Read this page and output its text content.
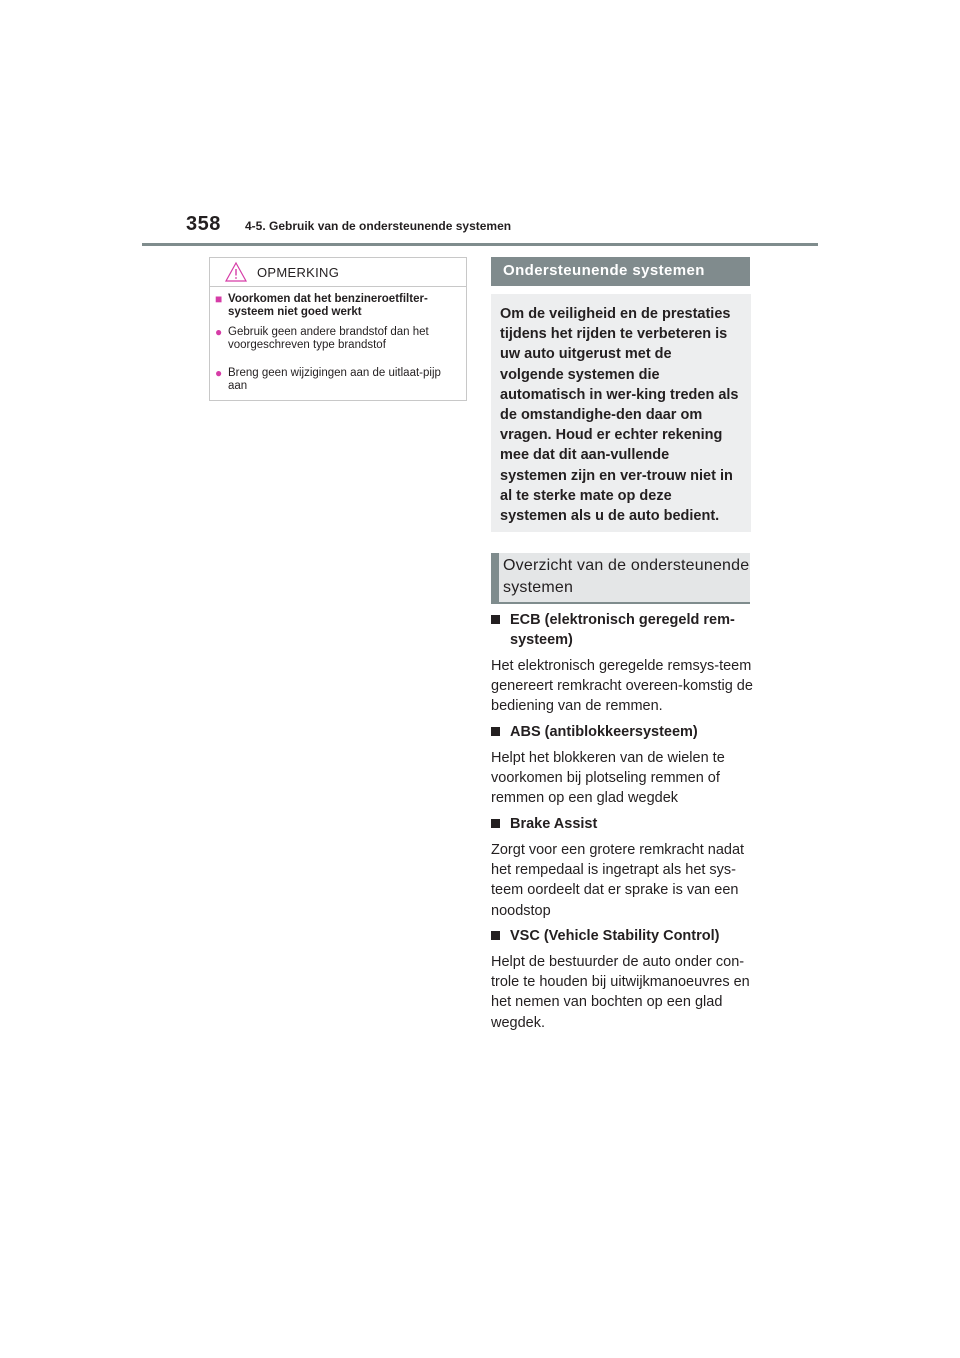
358 4-5. Gebruik van de ondersteunende systemen
OPMERKING
■ Voorkomen dat het benzineroetfilter-systeem niet goed werkt
● Gebruik geen andere brandstof dan het voorgeschreven type brandstof
● Breng geen wijzigingen aan de uitlaat-pijp aan
Ondersteunende systemen
Om de veiligheid en de prestaties tijdens het rijden te verbeteren is uw auto uitgerust met de volgende systemen die automatisch in wer-king treden als de omstandighe-den daar om vragen. Houd er echter rekening mee dat dit aan-vullende systemen zijn en ver-trouw niet in al te sterke mate op deze systemen als u de auto bedient.
Overzicht van de ondersteunende systemen
ECB (elektronisch geregeld rem-systeem)
Het elektronisch geregelde remsys-teem genereert remkracht overeen-komstig de bediening van de remmen.
ABS (antiblokkeersysteem)
Helpt het blokkeren van de wielen te voorkomen bij plotseling remmen of remmen op een glad wegdek
Brake Assist
Zorgt voor een grotere remkracht nadat het rempedaal is ingetrapt als het sys-teem oordeelt dat er sprake is van een noodstop
VSC (Vehicle Stability Control)
Helpt de bestuurder de auto onder con-trole te houden bij uitwijkmanoeuvres en het nemen van bochten op een glad wegdek.
